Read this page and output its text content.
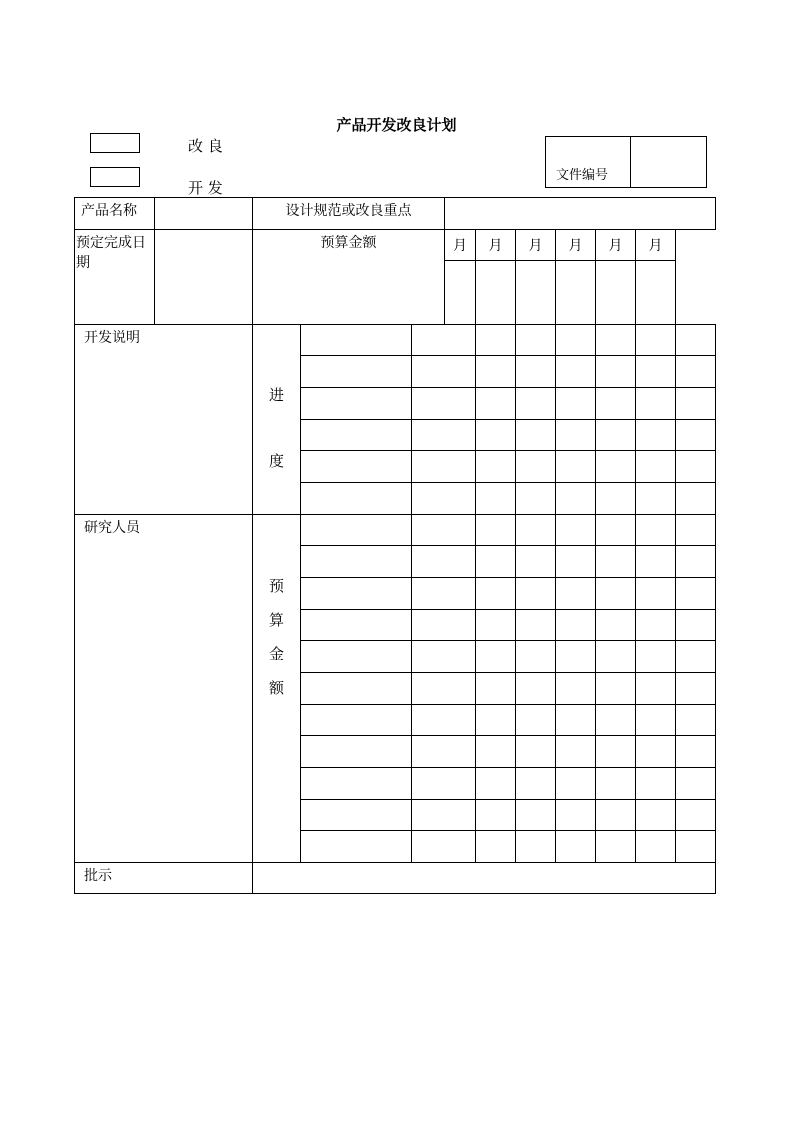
产品开发改良计划
改 良
开 发
文件编号
产品名称		设计规范或改良重点									
预定完成日期		预算金额			月	月	月	月	月	月	

开发说明		进
度									

研究人员		预
算
金
额									

批示											
